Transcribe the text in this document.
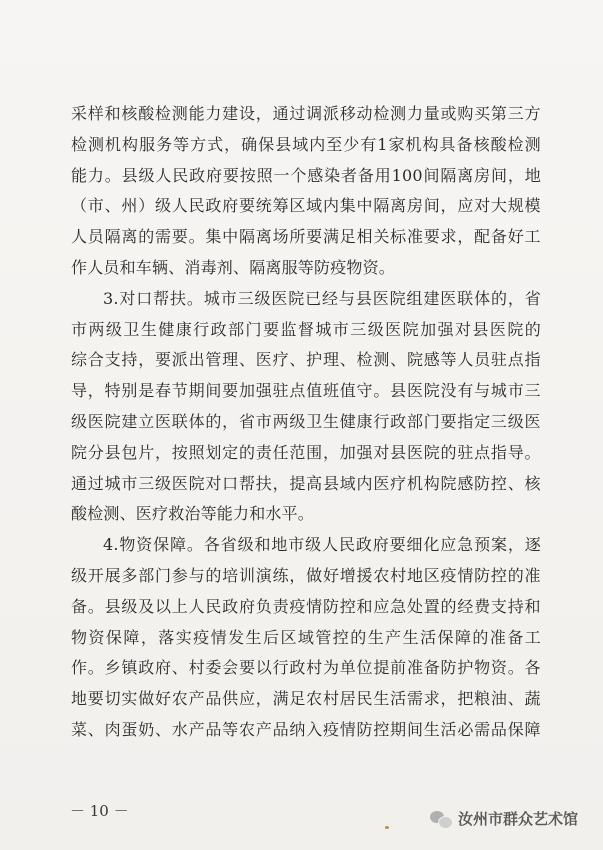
采 样 和 核 酸 检 测 能 力 建 设 ， 通 过 调 派 移 动 检 测 力 量 或 购 买 第 三 方
检 测 机 构 服 务 等 方 式 ， 确 保 县 域 内 至 少 有 1 家 机 构 具 备 核 酸 检 测
能 力 。 县 级 人 民 政 府 要 按 照 一 个 感 染 者 备 用 100 间 隔 离 房 间 ， 地
（ 市 、 州 ） 级 人 民 政 府 要 统 筹 区 域 内 集 中 隔 离 房 间 ， 应 对 大 规 模
人 员 隔 离 的 需 要 。 集 中 隔 离 场 所 要 满 足 相 关 标 准 要 求 ， 配 备 好 工
作人员和车辆、消毒剂、隔离服等防疫物资。
3. 对 口 帮 扶 。 城 市 三 级 医 院 已 经 与 县 医 院 组 建 医 联 体 的 ， 省
市 两 级 卫 生 健 康 行 政 部 门 要 监 督 城 市 三 级 医 院 加 强 对 县 医 院 的
综 合 支 持 ， 要 派 出 管 理 、 医 疗 、 护 理 、 检 测 、 院 感 等 人 员 驻 点 指
导 ， 特 别 是 春 节 期 间 要 加 强 驻 点 值 班 值 守 。 县 医 院 没 有 与 城 市 三
级 医 院 建 立 医 联 体 的 ， 省 市 两 级 卫 生 健 康 行 政 部 门 要 指 定 三 级 医
院 分 县 包 片 ， 按 照 划 定 的 责 任 范 围 ， 加 强 对 县 医 院 的 驻 点 指 导 。
通 过 城 市 三 级 医 院 对 口 帮 扶 ， 提 高 县 域 内 医 疗 机 构 院 感 防 控 、 核
酸检测、医疗救治等能力和水平。
4. 物 资 保 障 。 各 省 级 和 地 市 级 人 民 政 府 要 细 化 应 急 预 案 ， 逐
级 开 展 多 部 门 参 与 的 培 训 演 练 ， 做 好 增 援 农 村 地 区 疫 情 防 控 的 准
备 。 县 级 及 以 上 人 民 政 府 负 责 疫 情 防 控 和 应 急 处 置 的 经 费 支 持 和
物 资 保 障 ， 落 实 疫 情 发 生 后 区 域 管 控 的 生 产 生 活 保 障 的 准 备 工
作 。 乡 镇 政 府 、 村 委 会 要 以 行 政 村 为 单 位 提 前 准 备 防 护 物 资 。 各
地 要 切 实 做 好 农 产 品 供 应 ， 满 足 农 村 居 民 生 活 需 求 ， 把 粮 油 、 蔬
菜 、 肉 蛋 奶 、 水 产 品 等 农 产 品 纳 入 疫 情 防 控 期 间 生 活 必 需 品 保 障
－ 10 －	汝州市群众艺术馆
